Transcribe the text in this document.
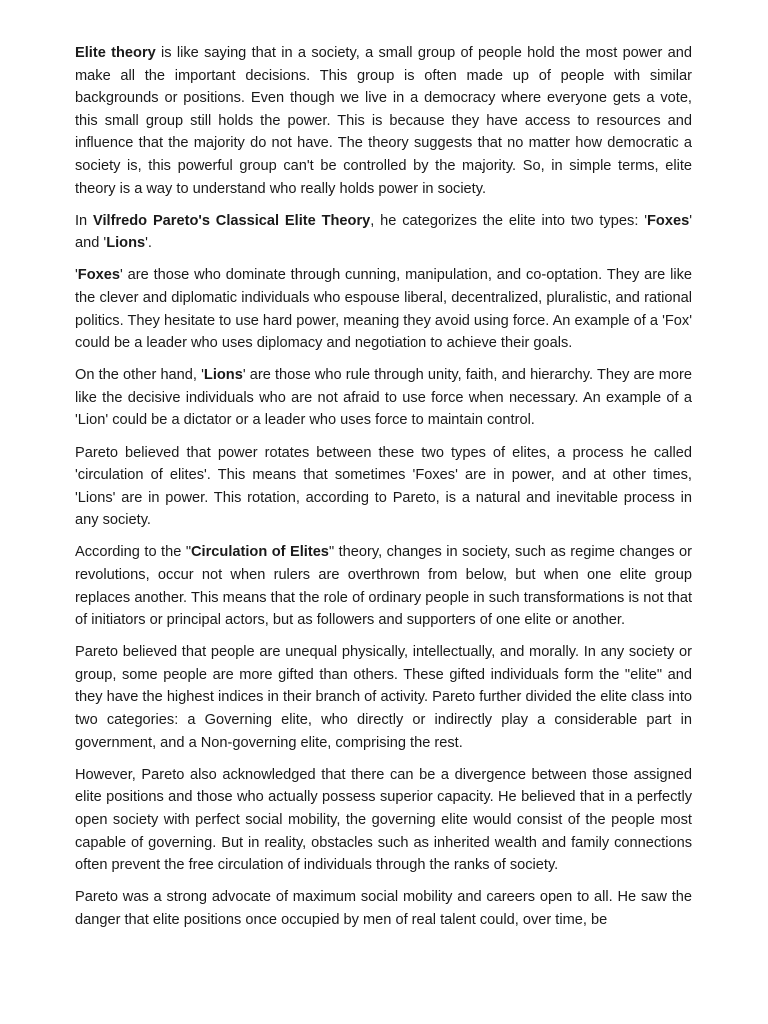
Elite theory is like saying that in a society, a small group of people hold the most power and make all the important decisions. This group is often made up of people with similar backgrounds or positions. Even though we live in a democracy where everyone gets a vote, this small group still holds the power. This is because they have access to resources and influence that the majority do not have. The theory suggests that no matter how democratic a society is, this powerful group can't be controlled by the majority. So, in simple terms, elite theory is a way to understand who really holds power in society.

In Vilfredo Pareto's Classical Elite Theory, he categorizes the elite into two types: 'Foxes' and 'Lions'.

'Foxes' are those who dominate through cunning, manipulation, and co-optation. They are like the clever and diplomatic individuals who espouse liberal, decentralized, pluralistic, and rational politics. They hesitate to use hard power, meaning they avoid using force. An example of a 'Fox' could be a leader who uses diplomacy and negotiation to achieve their goals.

On the other hand, 'Lions' are those who rule through unity, faith, and hierarchy. They are more like the decisive individuals who are not afraid to use force when necessary. An example of a 'Lion' could be a dictator or a leader who uses force to maintain control.

Pareto believed that power rotates between these two types of elites, a process he called 'circulation of elites'. This means that sometimes 'Foxes' are in power, and at other times, 'Lions' are in power. This rotation, according to Pareto, is a natural and inevitable process in any society.

According to the "Circulation of Elites" theory, changes in society, such as regime changes or revolutions, occur not when rulers are overthrown from below, but when one elite group replaces another. This means that the role of ordinary people in such transformations is not that of initiators or principal actors, but as followers and supporters of one elite or another.

Pareto believed that people are unequal physically, intellectually, and morally. In any society or group, some people are more gifted than others. These gifted individuals form the "elite" and they have the highest indices in their branch of activity. Pareto further divided the elite class into two categories: a Governing elite, who directly or indirectly play a considerable part in government, and a Non-governing elite, comprising the rest.

However, Pareto also acknowledged that there can be a divergence between those assigned elite positions and those who actually possess superior capacity. He believed that in a perfectly open society with perfect social mobility, the governing elite would consist of the people most capable of governing. But in reality, obstacles such as inherited wealth and family connections often prevent the free circulation of individuals through the ranks of society.

Pareto was a strong advocate of maximum social mobility and careers open to all. He saw the danger that elite positions once occupied by men of real talent could, over time, be
